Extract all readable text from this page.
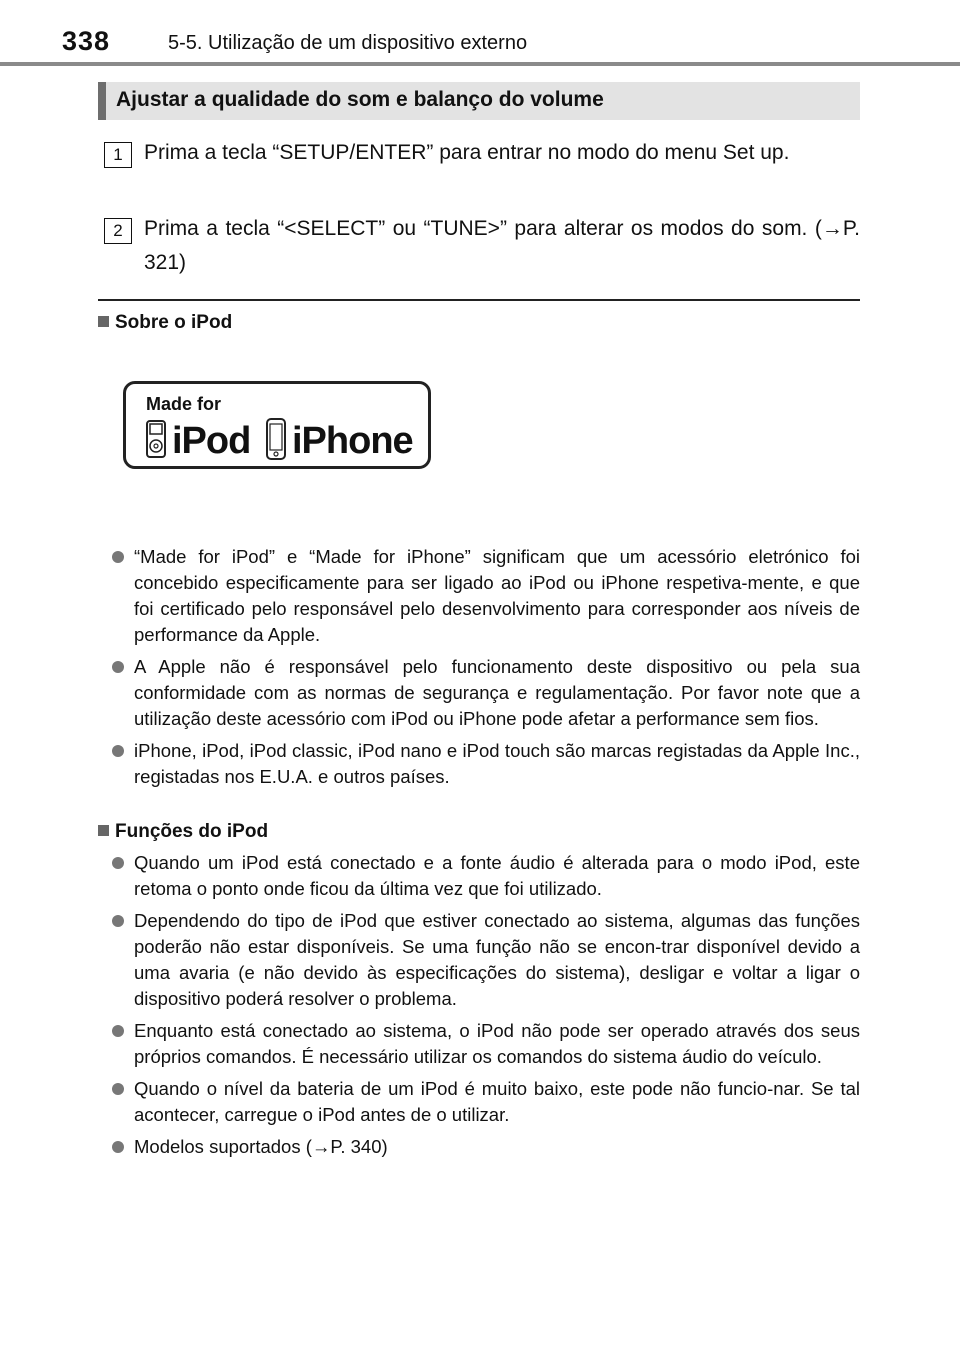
338	5-5. Utilização de um dispositivo externo
Ajustar a qualidade do som e balanço do volume
1	Prima a tecla “SETUP/ENTER” para entrar no modo do menu Set up.
2	Prima a tecla “<SELECT” ou “TUNE>” para alterar os modos do som. (→P. 321)
Sobre o iPod
Made for
iPod iPhone
“Made for iPod” e “Made for iPhone” significam que um acessório eletrónico foi concebido especificamente para ser ligado ao iPod ou iPhone respetiva-mente, e que foi certificado pelo responsável pelo desenvolvimento para corresponder aos níveis de performance da Apple.
A Apple não é responsável pelo funcionamento deste dispositivo ou pela sua conformidade com as normas de segurança e regulamentação. Por favor note que a utilização deste acessório com iPod ou iPhone pode afetar a performance sem fios.
iPhone, iPod, iPod classic, iPod nano e iPod touch são marcas registadas da Apple Inc., registadas nos E.U.A. e outros países.
Funções do iPod
Quando um iPod está conectado e a fonte áudio é alterada para o modo iPod, este retoma o ponto onde ficou da última vez que foi utilizado.
Dependendo do tipo de iPod que estiver conectado ao sistema, algumas das funções poderão não estar disponíveis. Se uma função não se encon-trar disponível devido a uma avaria (e não devido às especificações do sistema), desligar e voltar a ligar o dispositivo poderá resolver o problema.
Enquanto está conectado ao sistema, o iPod não pode ser operado através dos seus próprios comandos. É necessário utilizar os comandos do sistema áudio do veículo.
Quando o nível da bateria de um iPod é muito baixo, este pode não funcio-nar. Se tal acontecer, carregue o iPod antes de o utilizar.
Modelos suportados (→P. 340)
